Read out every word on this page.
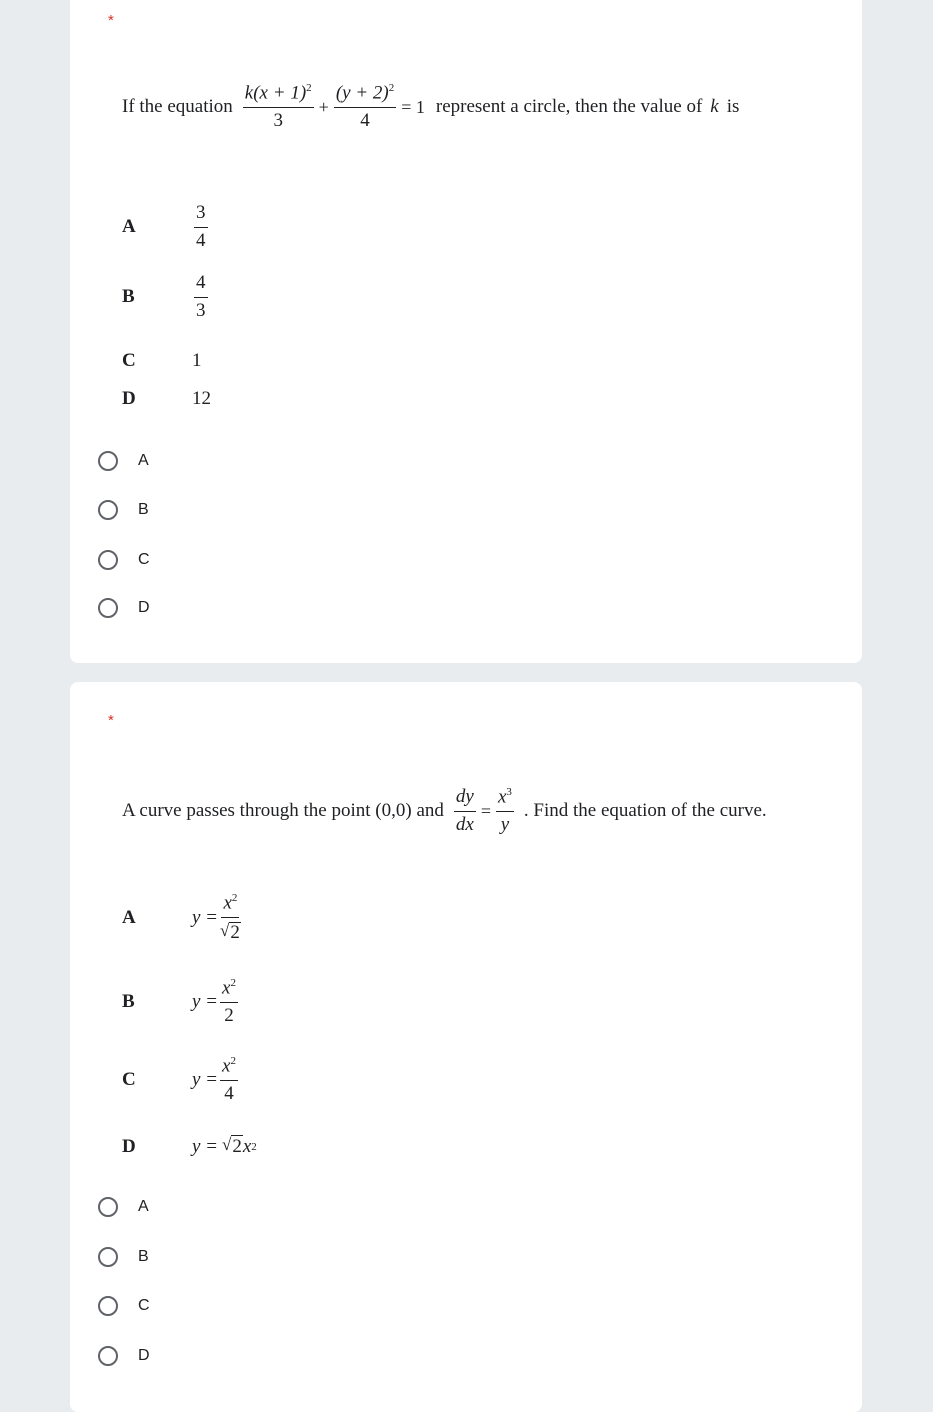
*
If the equation $\frac{k(x + 1)^2}{3} + \frac{(y + 2)^2}{4} = 1$ represent a circle, then the value of k is
A	$\frac{3}{4}$
B	$\frac{4}{3}$
C	1
D	12
A
B
C
D
*
A curve passes through the point (0,0) and $\frac{dy}{dx} = \frac{x^3}{y}$ . Find the equation of the curve.
A	$y = \frac{x^2}{√ 2}$
B	$y = \frac{x^2}{2}$
C	$y = \frac{x^2}{4}$
D	y = √ 2 x 2
A
B
C
D
